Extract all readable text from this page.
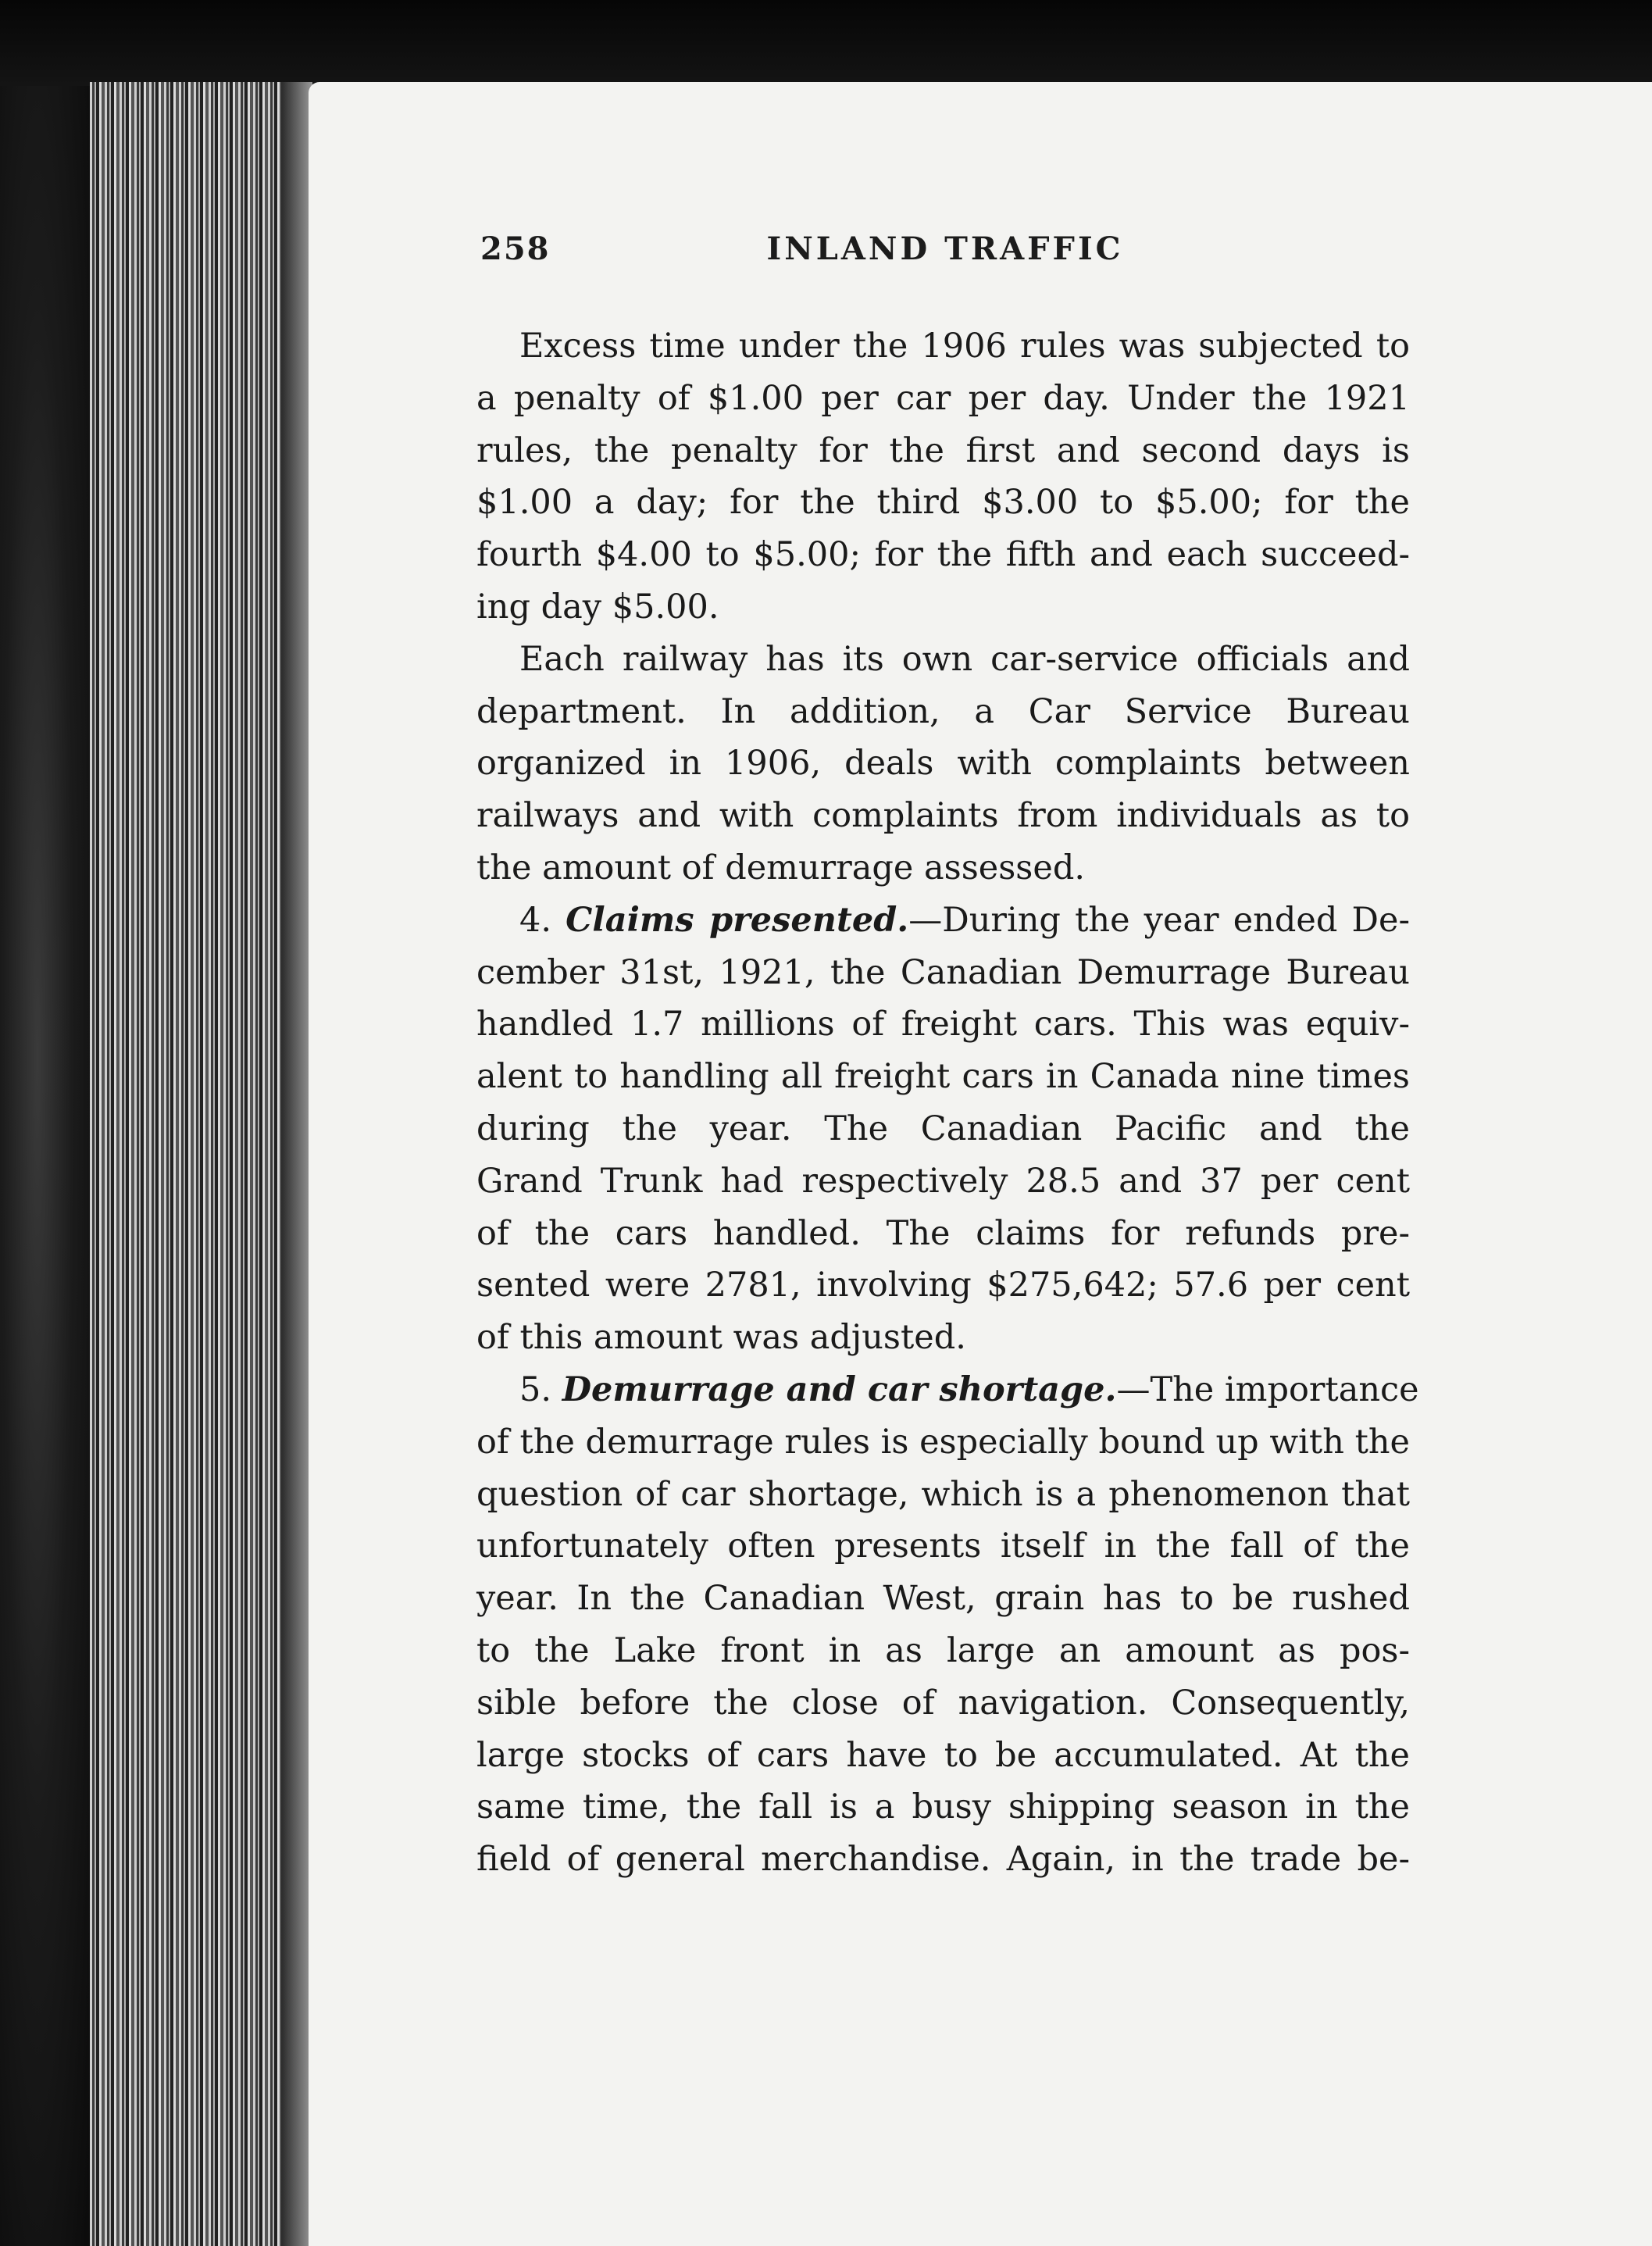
258	INLAND TRAFFIC
Excess time under the 1906 rules was subjected to
a penalty of $1.00 per car per day. Under the 1921
rules, the penalty for the first and second days is
$1.00 a day; for the third $3.00 to $5.00; for the
fourth $4.00 to $5.00; for the fifth and each succeed-
ing day $5.00.
Each railway has its own car-service officials and
department. In addition, a Car Service Bureau
organized in 1906, deals with complaints between
railways and with complaints from individuals as to
the amount of demurrage assessed.
4. Claims presented.—During the year ended De-
cember 31st, 1921, the Canadian Demurrage Bureau
handled 1.7 millions of freight cars. This was equiv-
alent to handling all freight cars in Canada nine times
during the year. The Canadian Pacific and the
Grand Trunk had respectively 28.5 and 37 per cent
of the cars handled. The claims for refunds pre-
sented were 2781, involving $275,642; 57.6 per cent
of this amount was adjusted.
5. Demurrage and car shortage.—The importance
of the demurrage rules is especially bound up with the
question of car shortage, which is a phenomenon that
unfortunately often presents itself in the fall of the
year. In the Canadian West, grain has to be rushed
to the Lake front in as large an amount as pos-
sible before the close of navigation. Consequently,
large stocks of cars have to be accumulated. At the
same time, the fall is a busy shipping season in the
field of general merchandise. Again, in the trade be-
